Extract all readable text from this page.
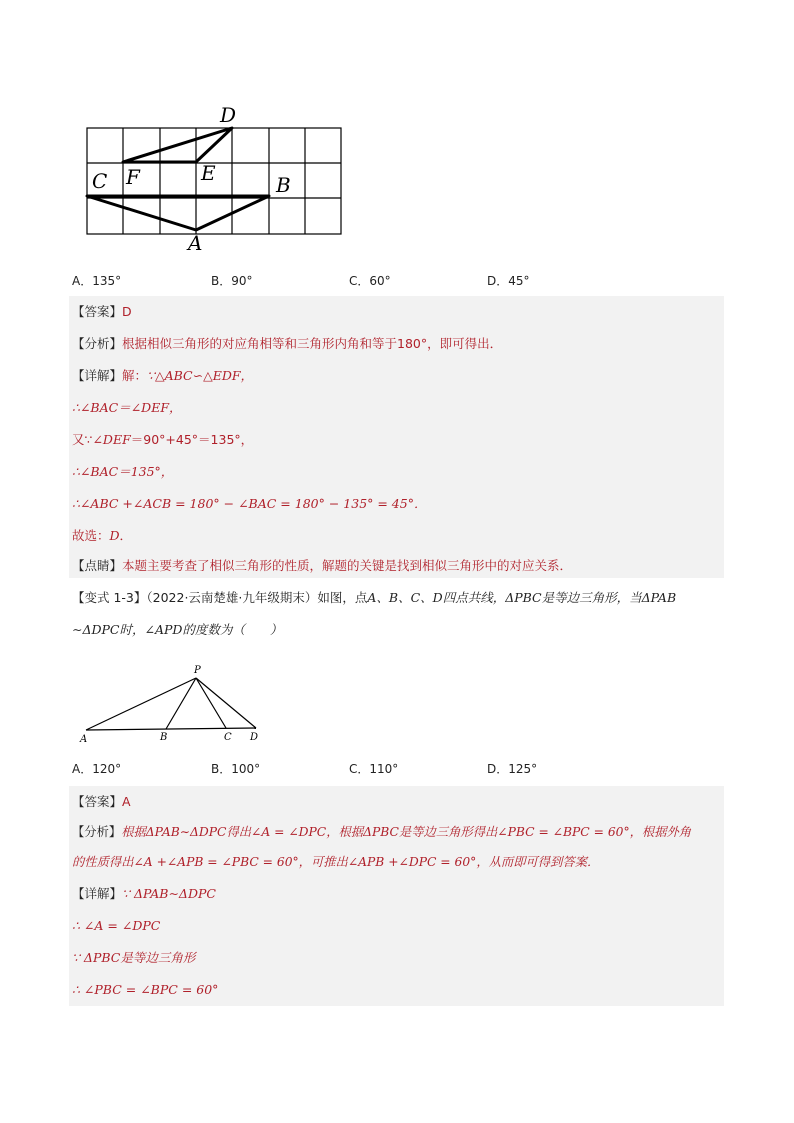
D
C F	E	B
A
A．135°	B．90°	C．60°	D．45°
【答案】D
【分析】根据相似三角形的对应角相等和三角形内角和等于180°，即可得出．
【详解】解：∵△ABC∽△EDF，
∴∠BAC＝∠DEF，
又∵∠DEF＝90°+45°＝135°，
∴∠BAC＝135°，
∴∠ABC +∠ACB = 180° − ∠BAC = 180° − 135° = 45°．
故选：D．
【点睛】本题主要考查了相似三角形的性质，解题的关键是找到相似三角形中的对应关系．
【变式 1-3】（2022·云南楚雄·九年级期末）如图，点A、B、C、D四点共线，ΔPBC是等边三角形，当ΔPAB
∼ΔDPC时，∠APD的度数为（　　）
P
A	B	C D
A．120°	B．100°	C．110°	D．125°
【答案】A
【分析】根据ΔPAB∼ΔDPC得出∠A = ∠DPC，根据ΔPBC是等边三角形得出∠PBC = ∠BPC = 60°，根据外角
的性质得出∠A +∠APB = ∠PBC = 60°，可推出∠APB +∠DPC = 60°，从而即可得到答案．
【详解】∵ ΔPAB∼ΔDPC
∴ ∠A = ∠DPC
∵ ΔPBC是等边三角形
∴ ∠PBC = ∠BPC = 60°
